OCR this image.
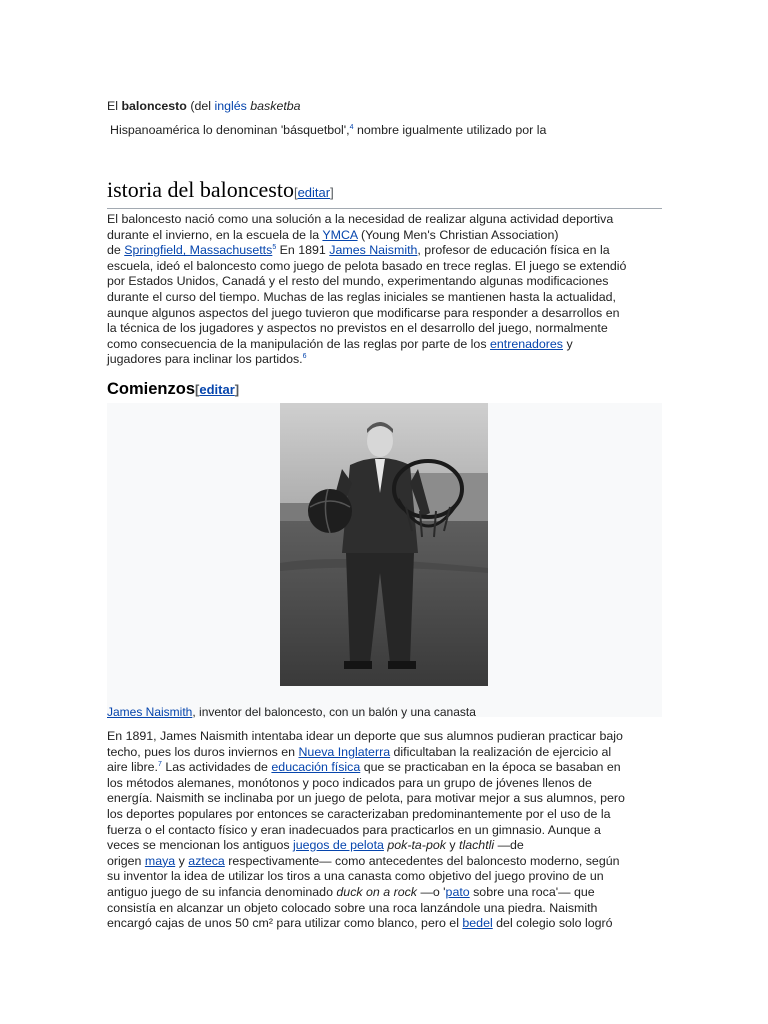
El baloncesto (del inglés basketba
Hispanoamérica lo denominan 'básquetbol',$^4$ nombre igualmente utilizado por la
istoria del baloncesto[editar]
El baloncesto nació como una solución a la necesidad de realizar alguna actividad deportiva
durante el invierno, en la escuela de la YMCA (Young Men's Christian Association)
de Springfield, Massachusetts$^5$ En 1891 James Naismith, profesor de educación física en la
escuela, ideó el baloncesto como juego de pelota basado en trece reglas. El juego se extendió
por Estados Unidos, Canadá y el resto del mundo, experimentando algunas modificaciones
durante el curso del tiempo. Muchas de las reglas iniciales se mantienen hasta la actualidad,
aunque algunos aspectos del juego tuvieron que modificarse para responder a desarrollos en
la técnica de los jugadores y aspectos no previstos en el desarrollo del juego, normalmente
como consecuencia de la manipulación de las reglas por parte de los entrenadores y
jugadores para inclinar los partidos.$^6$
Comienzos[editar]
James Naismith, inventor del baloncesto, con un balón y una canasta
En 1891, James Naismith intentaba idear un deporte que sus alumnos pudieran practicar bajo
techo, pues los duros inviernos en Nueva Inglaterra dificultaban la realización de ejercicio al
aire libre.$^7$ Las actividades de educación física que se practicaban en la época se basaban en
los métodos alemanes, monótonos y poco indicados para un grupo de jóvenes llenos de
energía. Naismith se inclinaba por un juego de pelota, para motivar mejor a sus alumnos, pero
los deportes populares por entonces se caracterizaban predominantemente por el uso de la
fuerza o el contacto físico y eran inadecuados para practicarlos en un gimnasio. Aunque a
veces se mencionan los antiguos juegos de pelota pok-ta-pok y tlachtli —de
origen maya y azteca respectivamente— como antecedentes del baloncesto moderno, según
su inventor la idea de utilizar los tiros a una canasta como objetivo del juego provino de un
antiguo juego de su infancia denominado duck on a rock —o 'pato sobre una roca'— que
consistía en alcanzar un objeto colocado sobre una roca lanzándole una piedra. Naismith
encargó cajas de unos 50 cm² para utilizar como blanco, pero el bedel del colegio solo logró
